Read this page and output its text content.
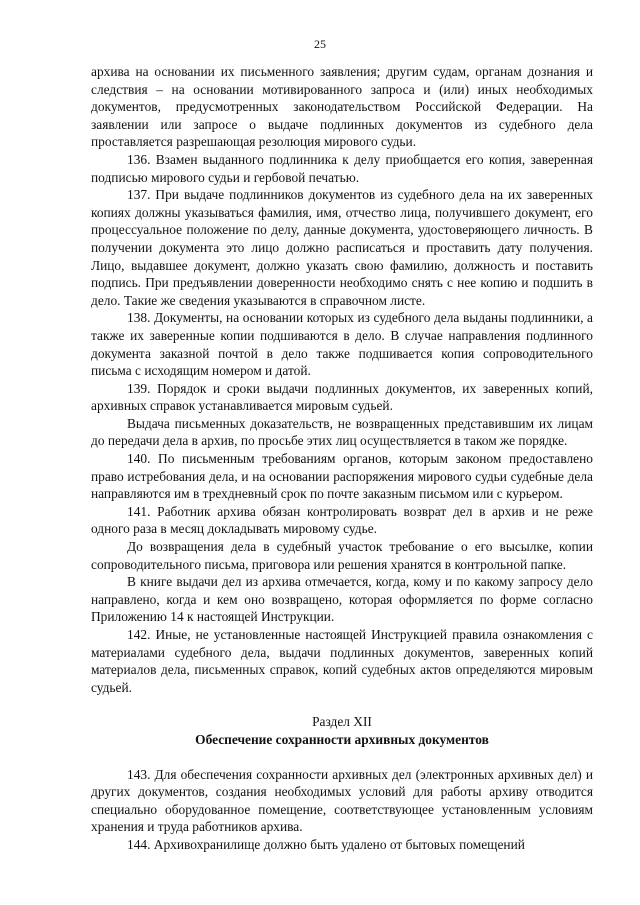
25

архива на основании их письменного заявления; другим судам, органам дознания и следствия – на основании мотивированного запроса и (или) иных необходимых документов, предусмотренных законодательством Российской Федерации. На заявлении или запросе о выдаче подлинных документов из судебного дела проставляется разрешающая резолюция мирового судьи.

136. Взамен выданного подлинника к делу приобщается его копия, заверенная подписью мирового судьи и гербовой печатью.

137. При выдаче подлинников документов из судебного дела на их заверенных копиях должны указываться фамилия, имя, отчество лица, получившего документ, его процессуальное положение по делу, данные документа, удостоверяющего личность. В получении документа это лицо должно расписаться и проставить дату получения. Лицо, выдавшее документ, должно указать свою фамилию, должность и поставить подпись. При предъявлении доверенности необходимо снять с нее копию и подшить в дело. Такие же сведения указываются в справочном листе.

138. Документы, на основании которых из судебного дела выданы подлинники, а также их заверенные копии подшиваются в дело. В случае направления подлинного документа заказной почтой в дело также подшивается копия сопроводительного письма с исходящим номером и датой.

139. Порядок и сроки выдачи подлинных документов, их заверенных копий, архивных справок устанавливается мировым судьей.

Выдача письменных доказательств, не возвращенных представившим их лицам до передачи дела в архив, по просьбе этих лиц осуществляется в таком же порядке.

140. По письменным требованиям органов, которым законом предоставлено право истребования дела, и на основании распоряжения мирового судьи судебные дела направляются им в трехдневный срок по почте заказным письмом или с курьером.

141. Работник архива обязан контролировать возврат дел в архив и не реже одного раза в месяц докладывать мировому судье.

До возвращения дела в судебный участок требование о его высылке, копии сопроводительного письма, приговора или решения хранятся в контрольной папке.

В книге выдачи дел из архива отмечается, когда, кому и по какому запросу дело направлено, когда и кем оно возвращено, которая оформляется по форме согласно Приложению 14 к настоящей Инструкции.

142. Иные, не установленные настоящей Инструкцией правила ознакомления с материалами судебного дела, выдачи подлинных документов, заверенных копий материалов дела, письменных справок, копий судебных актов определяются мировым судьей.

Раздел XII

Обеспечение сохранности архивных документов

143. Для обеспечения сохранности архивных дел (электронных архивных дел) и других документов, создания необходимых условий для работы архиву отводится специально оборудованное помещение, соответствующее установленным условиям хранения и труда работников архива.

144. Архивохранилище должно быть удалено от бытовых помещений
